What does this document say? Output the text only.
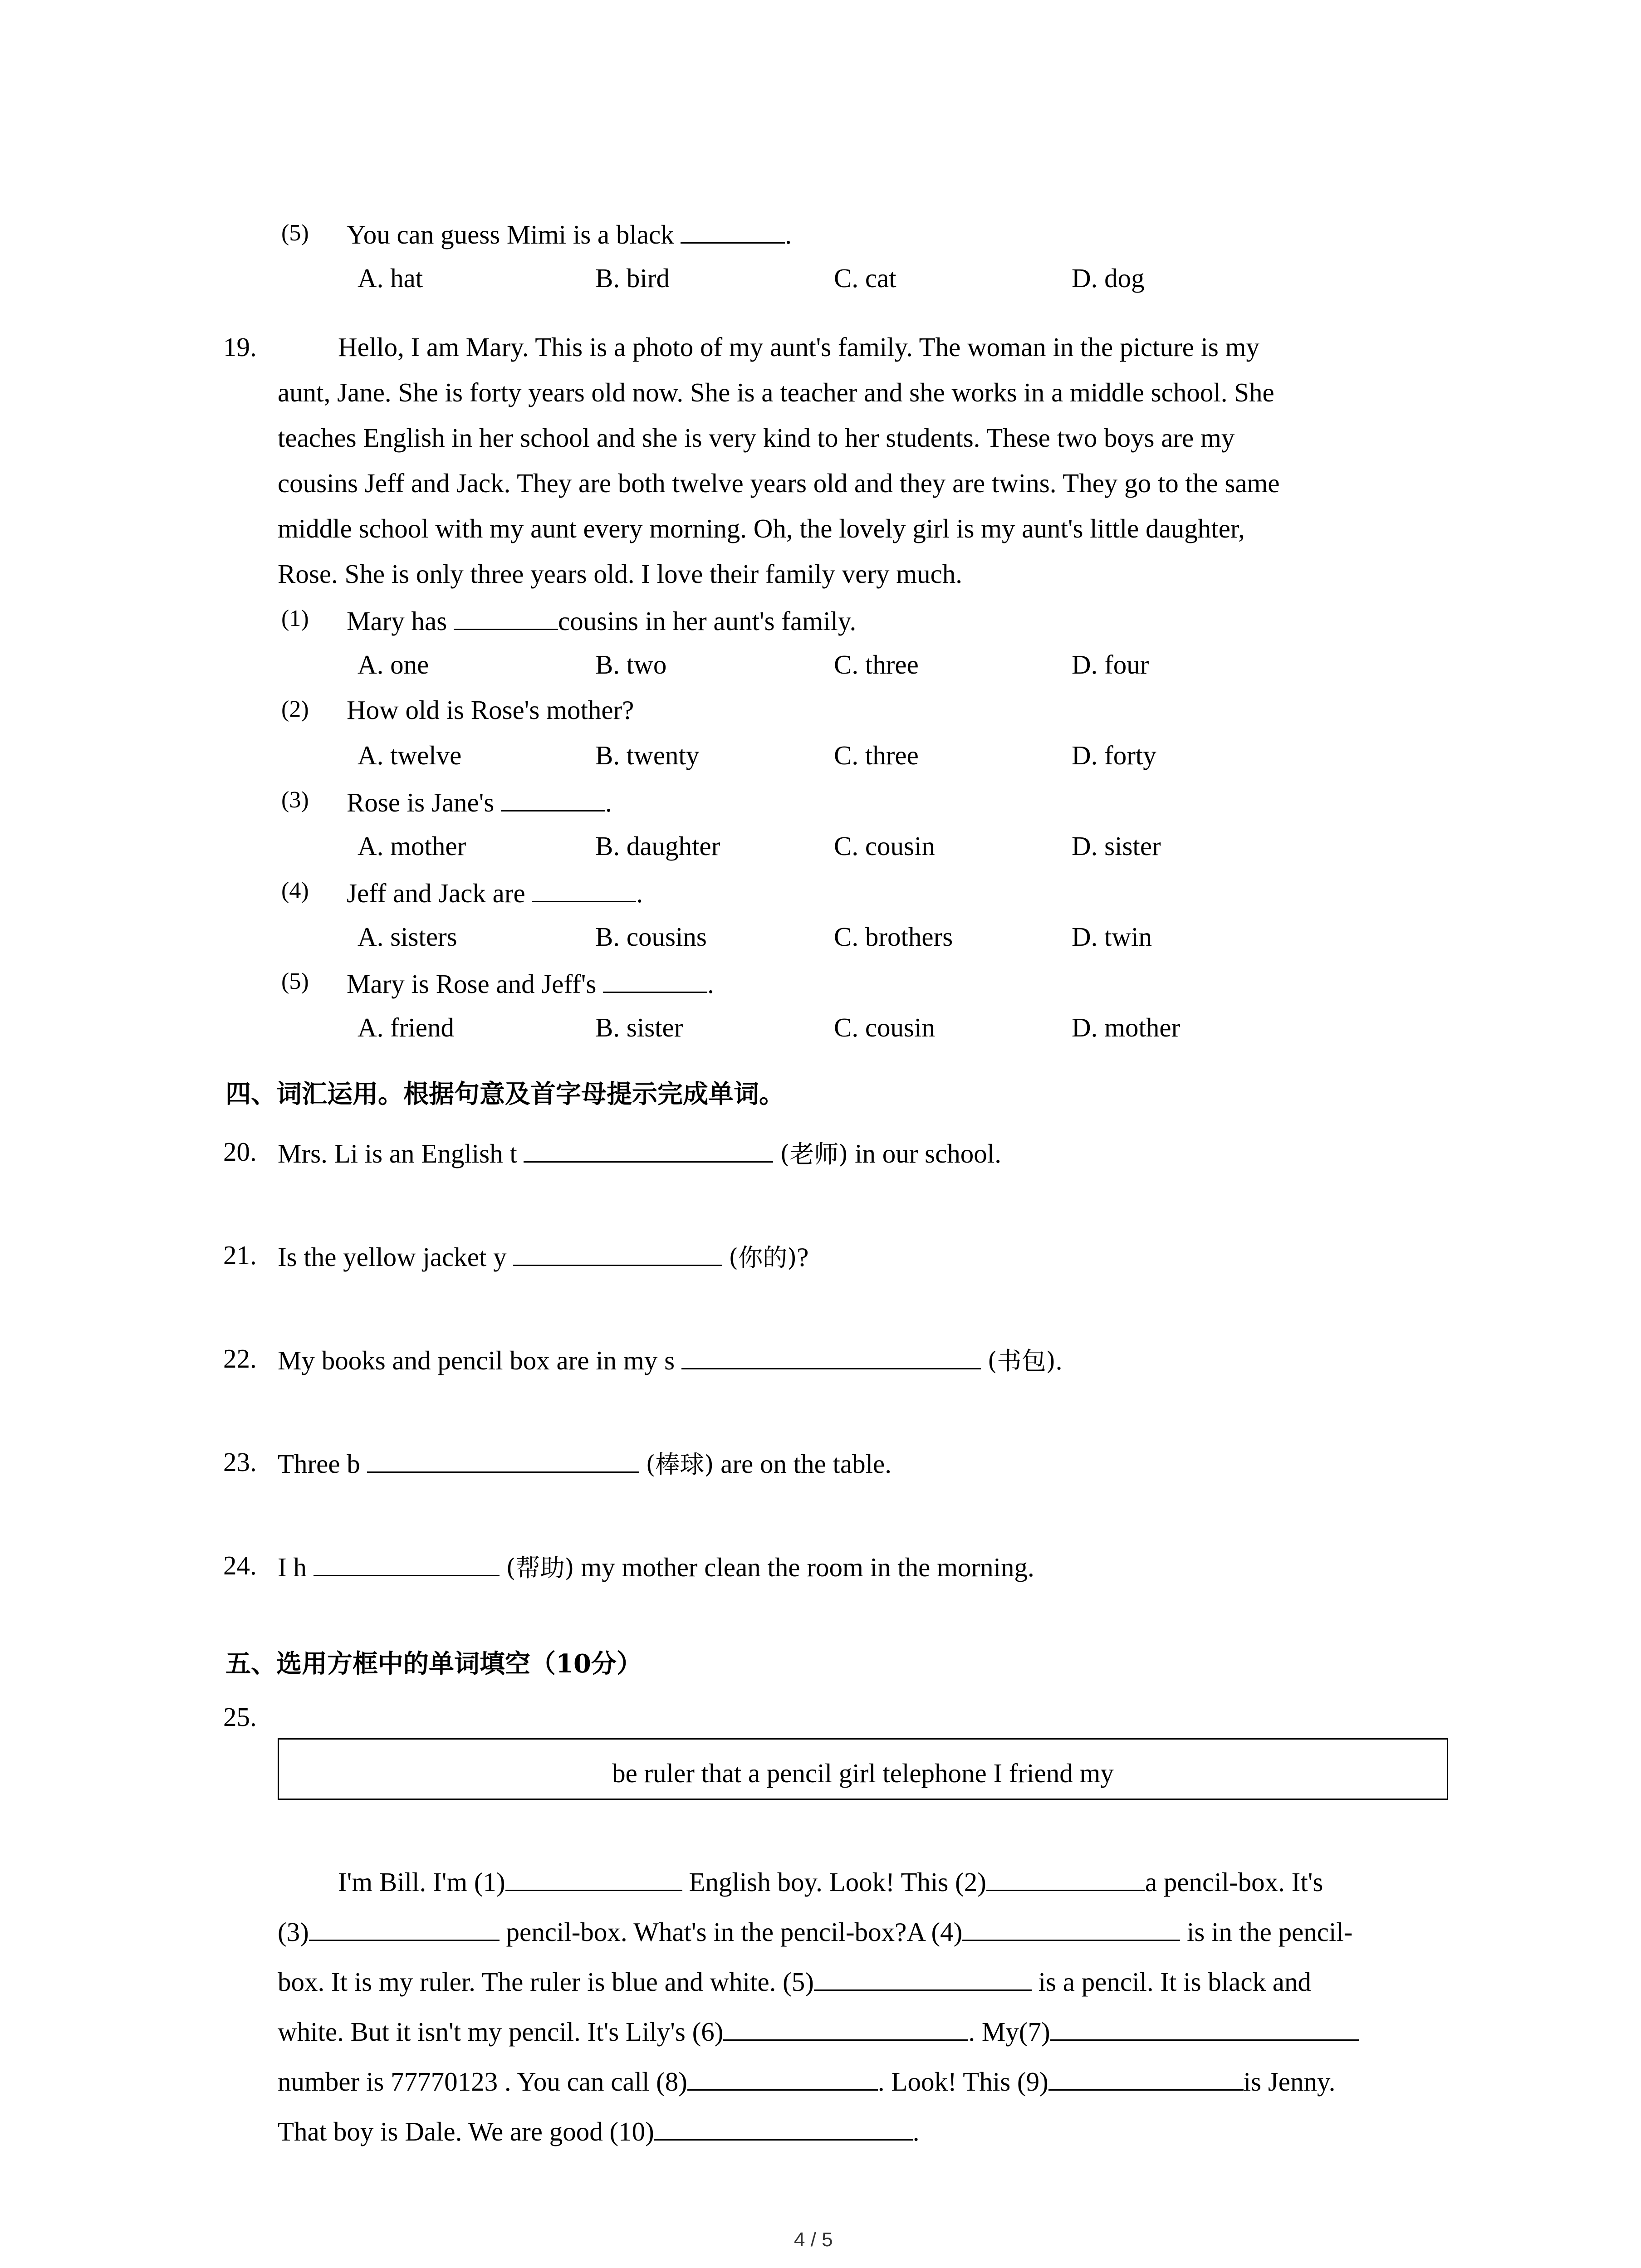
(5) You can guess Mimi is a black	.
A. hat	B. bird	C. cat	D. dog
19.	Hello, I am Mary. This is a photo of my aunt's family. The woman in the picture is my
aunt, Jane. She is forty years old now. She is a teacher and she works in a middle school. She
teaches English in her school and she is very kind to her students. These two boys are my
cousins Jeff and Jack. They are both twelve years old and they are twins. They go to the same
middle school with my aunt every morning. Oh, the lovely girl is my aunt's little daughter,
Rose. She is only three years old. I love their family very much.
(1) Mary has	cousins in her aunt's family.
A. one	B. two	C. three	D. four
(2) How old is Rose's mother?
A. twelve	B. twenty	C. three	D. forty
(3) Rose is Jane's	.
A. mother	B. daughter	C. cousin	D. sister
(4) Jeff and Jack are	.
A. sisters	B. cousins	C. brothers	D. twin
(5) Mary is Rose and Jeff's	.
A. friend	B. sister	C. cousin	D. mother
四、词汇运用。根据句意及首字母提示完成单词。
20. Mrs. Li is an English t	(老师) in our school.
21. Is the yellow jacket y	(你的)?
22. My books and pencil box are in my s	(书包).
23. Three b	(棒球) are on the table.
24. I h	(帮助) my mother clean the room in the morning.
五、选用方框中的单词填空（10分）
25.
be ruler that a pencil girl telephone I friend my
I'm Bill. I'm (1)	English boy. Look! This (2)	a pencil-box. It's
(3)	pencil-box. What's in the pencil-box?A (4)	is in the pencil-
box. It is my ruler. The ruler is blue and white. (5)	is a pencil. It is black and
white. But it isn't my pencil. It's Lily's (6)	. My(7)
number is 77770123 . You can call (8)	. Look! This (9)	is Jenny.
That boy is Dale. We are good (10)	.
4 / 5
